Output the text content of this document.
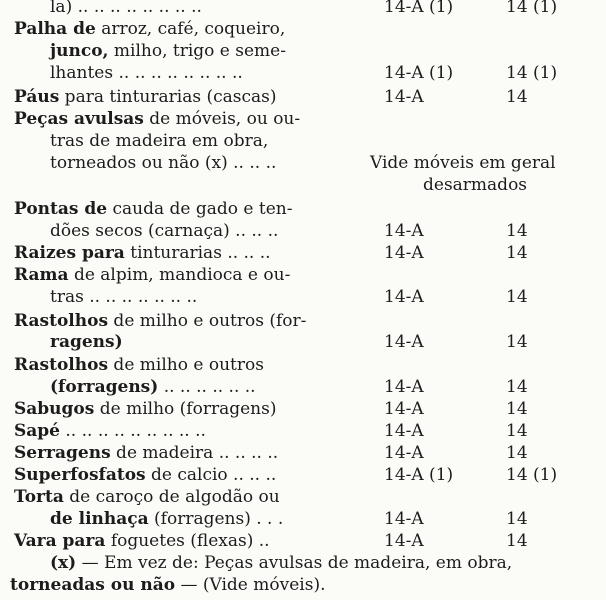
la) .. .. .. .. .. .. .. ..	14-A (1)	14 (1)
Palha de arroz, café, coqueiro,
junco, milho, trigo e seme-
lhantes .. .. .. .. .. .. .. ..	14-A (1)	14 (1)
Páus para tinturarias (cascas)	14-A	14
Peças avulsas de móveis, ou ou-
tras de madeira em obra,
torneados ou não (x) .. .. ..	Vide móveis em geral
desarmados
Pontas de cauda de gado e ten-
dões secos (carnaça) .. .. ..	14-A	14
Raizes para tinturarias .. .. ..	14-A	14
Rama de alpim, mandioca e ou-
tras .. .. .. .. .. .. ..	14-A	14
Rastolhos de milho e outros (for-
ragens)	14-A	14
Rastolhos de milho e outros
(forragens) .. .. .. .. .. ..	14-A	14
Sabugos de milho (forragens)	14-A	14
Sapé .. .. .. .. .. .. .. .. ..	14-A	14
Serragens de madeira .. .. .. ..	14-A	14
Superfosfatos de calcio .. .. ..	14-A (1)	14 (1)
Torta de caroço de algodão ou
de linhaça (forragens) . . .	14-A	14
Vara para foguetes (flexas) ..	14-A	14
(x) — Em vez de: Peças avulsas de madeira, em obra,
torneadas ou não — (Vide móveis).
